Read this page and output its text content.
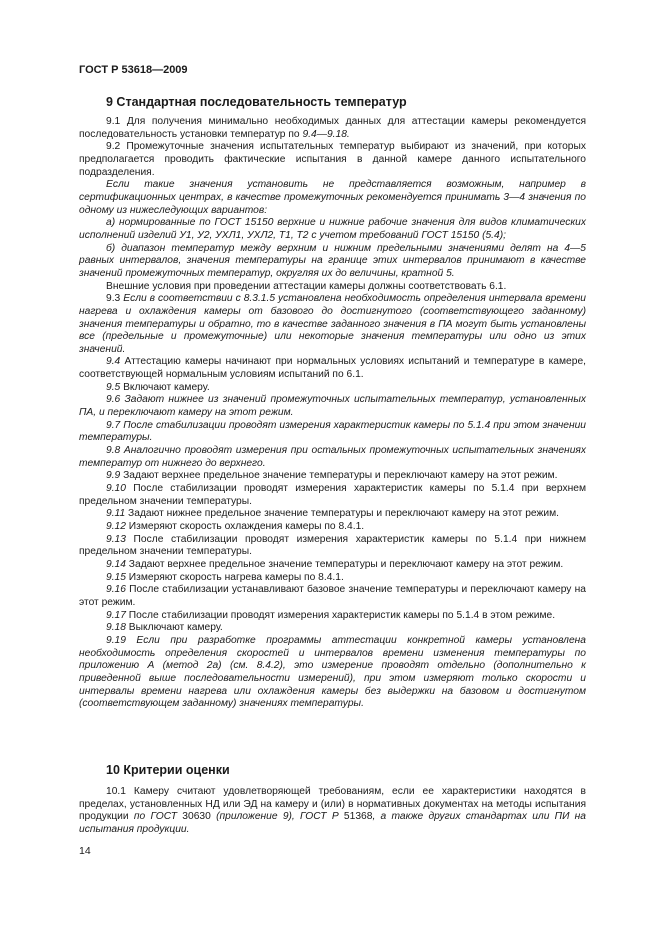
ГОСТ Р 53618—2009
9 Стандартная последовательность температур

9.1 Для получения минимально необходимых данных для аттестации камеры рекомендуется последовательность установки температур по 9.4—9.18.

9.2 Промежуточные значения испытательных температур выбирают из значений, при которых предполагается проводить фактические испытания в данной камере данного испытательного подразделения.

Если такие значения установить не представляется возможным, например в сертификационных центрах, в качестве промежуточных рекомендуется принимать 3—4 значения по одному из нижеследующих вариантов:

а) нормированные по ГОСТ 15150 верхние и нижние рабочие значения для видов климатических исполнений изделий У1, У2, УХЛ1, УХЛ2, Т1, Т2 с учетом требований ГОСТ 15150 (5.4);

б) диапазон температур между верхним и нижним предельными значениями делят на 4—5 равных интервалов, значения температуры на границе этих интервалов принимают в качестве значений промежуточных температур, округляя их до величины, кратной 5.

Внешние условия при проведении аттестации камеры должны соответствовать 6.1.

9.3 Если в соответствии с 8.3.1.5 установлена необходимость определения интервала времени нагрева и охлаждения камеры от базового до достигнутого (соответствующего заданному) значения температуры и обратно, то в качестве заданного значения в ПА могут быть установлены все (предельные и промежуточные) или некоторые значения температуры или одно из этих значений.

9.4 Аттестацию камеры начинают при нормальных условиях испытаний и температуре в камере, соответствующей нормальным условиям испытаний по 6.1.

9.5 Включают камеру.

9.6 Задают нижнее из значений промежуточных испытательных температур, установленных ПА, и переключают камеру на этот режим.

9.7 После стабилизации проводят измерения характеристик камеры по 5.1.4 при этом значении температуры.

9.8 Аналогично проводят измерения при остальных промежуточных испытательных значениях температур от нижнего до верхнего.

9.9 Задают верхнее предельное значение температуры и переключают камеру на этот режим.

9.10 После стабилизации проводят измерения характеристик камеры по 5.1.4 при верхнем предельном значении температуры.

9.11 Задают нижнее предельное значение температуры и переключают камеру на этот режим.

9.12 Измеряют скорость охлаждения камеры по 8.4.1.

9.13 После стабилизации проводят измерения характеристик камеры по 5.1.4 при нижнем предельном значении температуры.

9.14 Задают верхнее предельное значение температуры и переключают камеру на этот режим.

9.15 Измеряют скорость нагрева камеры по 8.4.1.

9.16 После стабилизации устанавливают базовое значение температуры и переключают камеру на этот режим.

9.17 После стабилизации проводят измерения характеристик камеры по 5.1.4 в этом режиме.

9.18 Выключают камеру.

9.19 Если при разработке программы аттестации конкретной камеры установлена необходимость определения скоростей и интервалов времени изменения температуры по приложению А (метод 2а) (см. 8.4.2), это измерение проводят отдельно (дополнительно к приведенной выше последовательности измерений), при этом измеряют только скорости и интервалы времени нагрева или охлаждения камеры без выдержки на базовом и достигнутом (соответствующем заданному) значениях температуры.

10 Критерии оценки

10.1 Камеру считают удовлетворяющей требованиям, если ее характеристики находятся в пределах, установленных НД или ЭД на камеру и (или) в нормативных документах на методы испытания продукции по ГОСТ 30630 (приложение 9), ГОСТ Р 51368, а также других стандартах или ПИ на испытания продукции.

14
